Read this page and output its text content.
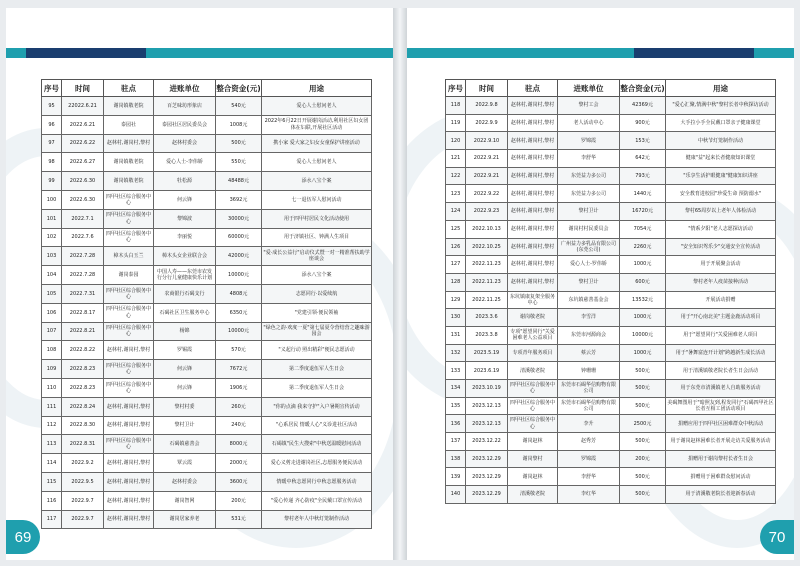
序号	时间	驻点	进账单位	整合资金(元)	用途
95	22022.6.21	谢岗镇敬老院	百芝味坊形象店	540元	爱心人士慰问老人
96	2022.6.21	泰园社	泰园社区居民委员会	1008元	2022年6月22日开展谢岗活动,利用社区妇女团体在妇联,开展社区活动
97	2022.6.22	赵林村,谢岗村,黎村	赵林村委会	500元	携小家 爱大家之妇女女童保护讲座活动
98	2022.6.27	谢岗镇敬老院	爱心人士-李伟娇	550元	爱心人士慰问老人
99	2022.6.30	谢岗镇敬老院	牡松源	48488元	添水八宝个案
100	2022.6.30	四甲社区综合服务中心	何云锋	3692元	七一退伍军人慰问活动
101	2022.7.1	四甲社区综合服务中心	黎锦波	30000元	用于四甲村居民文化活动使用
102	2022.7.6	四甲社区综合服务中心	李丽悦	60000元	用于济镇社区、钟满人生项目
103	2022.7.28	樟木头白玉兰	樟木头女企业联合会	42000元	"爱·成长公益行"启动仪式暨一对一精准帮扶助学座谈会
104	2022.7.28	谢岗泰园	中国人寿——东莞市农发行分行儿童健康快乐计划	10000元	添水八宝个案
105	2022.7.31	四甲社区综合服务中心	农商银行石碣支行	4808元	志愿同行·以爱续航
106	2022.8.17	四甲社区综合服务中心	石碣社区卫生服务中心	6350元	"党建引领·便民领袖
107	2022.8.21	四甲社区综合服务中心	杨锦	10000元	"绿色之韵·欢度一夏"第七届夏令营结营之趣味游园会
108	2022.8.22	赵林村,谢岗村,黎村	罗锡霞	570元	"义起行动 照出精彩"便民志愿活动
109	2022.8.23	四甲社区综合服务中心	何云锋	7672元	第二季度退伍军人生日会
110	2022.8.23	四甲社区综合服务中心	何云锋	1906元	第二季度退伍军人生日会
111	2022.8.24	赵林村,谢岗村,黎村	黎村村委	260元	"你的点滴 我来守护"入户暑期宣传活动
112	2022.8.30	赵林村,谢岗村,黎村	黎村卫计	240元	"心系居民 情暖人心"义诊进社区活动
113	2022.8.31	四甲社区综合服务中心	石碣镇慈善会	8000元	石碣镇"民生大搜索"中秋送温暖慰问活动
114	2022.9.2	赵林村,谢岗村,黎村	覃云霞	2000元	爱心义剪走进谢岗社区,志愿服务便民活动
115	2022.9.5	赵林村,谢岗村,黎村	赵林村委会	3600元	情暖中秋志愿同行中秋志愿服务活动
116	2022.9.7	赵林村,谢岗村,黎村	谢岗智网	200元	"爱心传递 齐心防疫"全民戴口罩宣传活动
117	2022.9.7	赵林村,谢岗村,黎村	谢岗居家养老	531元	黎村老年人中秋灯笼制作活动
69
序号	时间	驻点	进账单位	整合资金(元)	用途
118	2022.9.8	赵林村,谢岗村,黎村	黎村工会	42369元	"爱心汇聚,情满中秋"黎村长者中秋探访活动
119	2022.9.9	赵林村,谢岗村,黎村	老人活动中心	900元	大手拉小手全民戴口罩亲子健康课堂
120	2022.9.10	赵林村,谢岗村,黎村	罗锦霞	153元	中秋节灯笼制作活动
121	2022.9.21	赵林村,谢岗村,黎村	李舒华	642元	健康"益"起来长者健康知识课堂
122	2022.9.21	赵林村,谢岗村,黎村	东莞益力多公司	793元	"乐享生活护眼健康"健康知识讲座
123	2022.9.22	赵林村,谢岗村,黎村	东莞益力多公司	1440元	安全教育进校园"珍爱生命 预防溺水"
124	2022.9.23	赵林村,谢岗村,黎村	黎村卫计	16720元	黎村65周岁以上老年人体检活动
125	2022.10.13	赵林村,谢岗村,黎村	谢岗村村民委员会	7054元	"情系夕阳"老人志愿探访活动
126	2022.10.25	赵林村,谢岗村,黎村	广州益力多乳品有限公司(东莞公司)	2260元	"安全知识驾乐少"交通安全宣传活动
127	2022.11.23	赵林村,谢岗村,黎村	爱心人士-罗伟娇	1000元	用于开展聚会活动
128	2022.11.23	赵林村,谢岗村,黎村	黎村卫计	600元	黎村老年人疫苗接种活动
129	2022.11.25	东坑镇康复架全服务中心	东坑镇慈善基金会	13532元	开展活动捐赠
130	2023.3.6	谢岗敬老院	李雪洋	1000元	用于"开心南北美"主题金鹿活动项目
131	2023.3.8	专项"愿望同行"关爱困难老人公益项目	东莞市河源商会	10000元	用于"愿望同行"关爱困难老人项目
132	2023.5.19	专项青年服务项目	蔡云芳	1000元	用于"暑舞富连开计划"跨越新生成长活动
133	2023.6.19	清溪敬老院	钟珊珊	500元	用于清溪镇敬老院长者生日会活动
134	2023.10.19	四甲社区综合服务中心	东莞市石碣华信购物有限公司	500元	用于东莞市清溪镇老人自助服务活动
135	2023.12.13	四甲社区综合服务中心	东莞市石碣华信购物有限公司	500元	美碣舞图用于"暗照友到,程发同行"石碣四甲社区长者互相工团活动项目
136	2023.12.13	四甲社区综合服务中心	李升	2500元	捐赠应用于四甲社区困难群众中秋活动
137	2023.12.22	谢岗赵林	赵秀芳	500元	用于谢岗赵林困难长者开展走访关爱服务活动
138	2023.12.29	谢岗黎村	罗锦霞	200元	捐赠用于谢岗黎村长者生日会
139	2023.12.29	谢岗赵林	李舒华	500元	捐赠用于困难群众慰问活动
140	2023.12.29	清溪敬老院	李红华	500元	用于清溪敬老院长者迎新春活动
70
